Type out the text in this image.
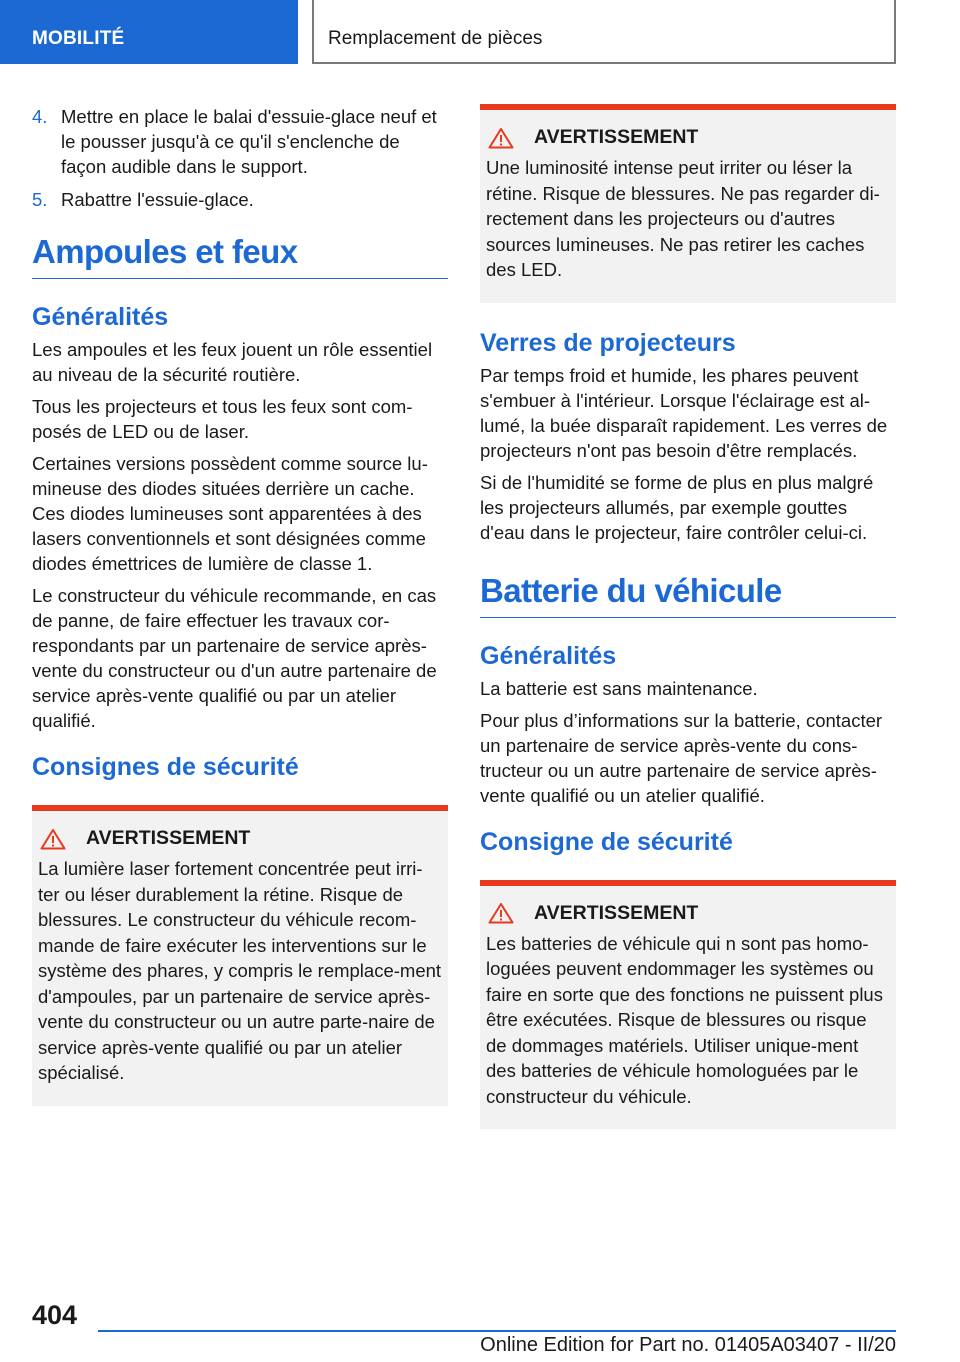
MOBILITÉ	Remplacement de pièces
4. Mettre en place le balai d'essuie-glace neuf et le pousser jusqu'à ce qu'il s'enclenche de façon audible dans le support.
5. Rabattre l'essuie-glace.
Ampoules et feux
Généralités

Les ampoules et les feux jouent un rôle essentiel au niveau de la sécurité routière.

Tous les projecteurs et tous les feux sont com-posés de LED ou de laser.

Certaines versions possèdent comme source lu-mineuse des diodes situées derrière un cache. Ces diodes lumineuses sont apparentées à des lasers conventionnels et sont désignées comme diodes émettrices de lumière de classe 1.

Le constructeur du véhicule recommande, en cas de panne, de faire effectuer les travaux cor-respondants par un partenaire de service après-vente du constructeur ou d'un autre partenaire de service après-vente qualifié ou par un atelier qualifié.

Consignes de sécurité
AVERTISSEMENT

La lumière laser fortement concentrée peut irri-ter ou léser durablement la rétine. Risque de blessures. Le constructeur du véhicule recom-mande de faire exécuter les interventions sur le système des phares, y compris le remplace-ment d'ampoules, par un partenaire de service après-vente du constructeur ou un autre parte-naire de service après-vente qualifié ou par un atelier spécialisé.

AVERTISSEMENT

Une luminosité intense peut irriter ou léser la rétine. Risque de blessures. Ne pas regarder di-rectement dans les projecteurs ou d'autres sources lumineuses. Ne pas retirer les caches des LED.

Verres de projecteurs

Par temps froid et humide, les phares peuvent s'embuer à l'intérieur. Lorsque l'éclairage est al-lumé, la buée disparaît rapidement. Les verres de projecteurs n'ont pas besoin d'être remplacés.

Si de l'humidité se forme de plus en plus malgré les projecteurs allumés, par exemple gouttes d'eau dans le projecteur, faire contrôler celui-ci.

Batterie du véhicule
Généralités

La batterie est sans maintenance.

Pour plus d’informations sur la batterie, contacter un partenaire de service après-vente du cons-tructeur ou un autre partenaire de service après-vente qualifié ou un atelier qualifié.

Consigne de sécurité
AVERTISSEMENT

Les batteries de véhicule qui n sont pas homo-loguées peuvent endommager les systèmes ou faire en sorte que des fonctions ne puissent plus être exécutées. Risque de blessures ou risque de dommages matériels. Utiliser unique-ment des batteries de véhicule homologuées par le constructeur du véhicule.

404
Online Edition for Part no. 01405A03407 - II/20
